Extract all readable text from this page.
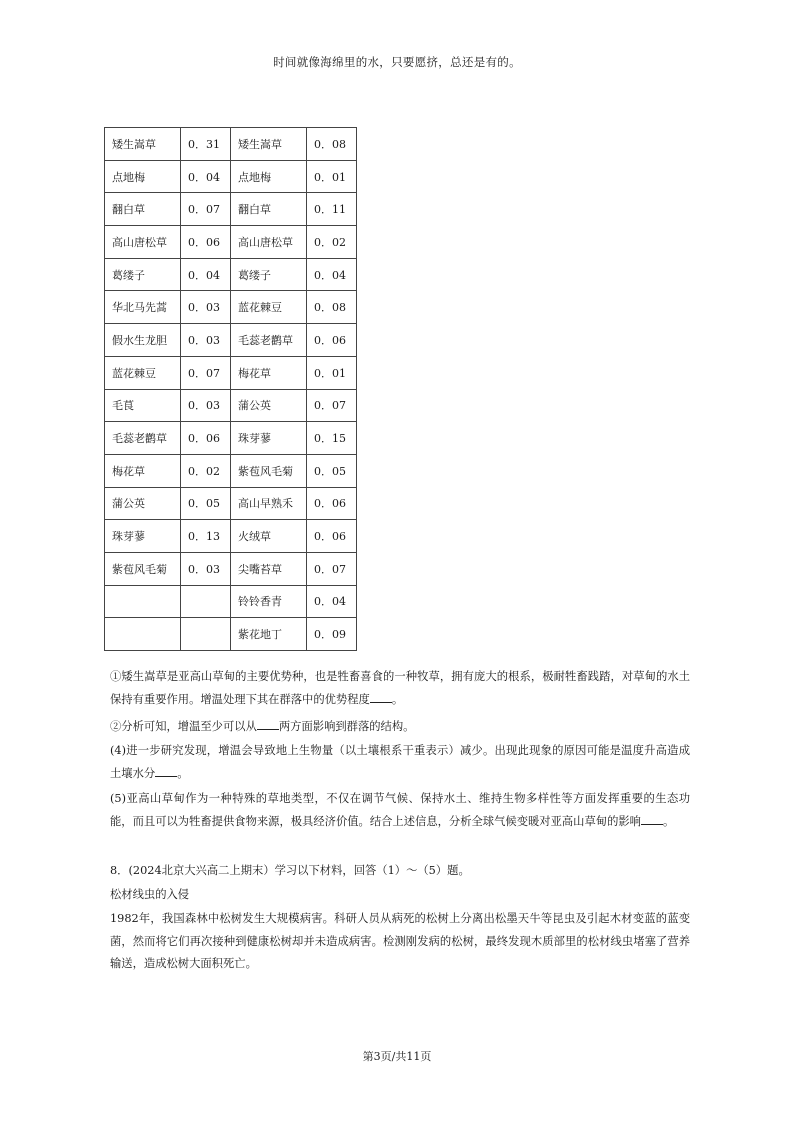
时间就像海绵里的水，只要愿挤，总还是有的。
矮生嵩草	0．31	矮生嵩草	0．08
点地梅	0．04	点地梅	0．01
翻白草	0．07	翻白草	0．11
高山唐松草	0．06	高山唐松草	0．02
葛缕子	0．04	葛缕子	0．04
华北马先蒿	0．03	蓝花棘豆	0．08
假水生龙胆	0．03	毛蕊老鹳草	0．06
蓝花棘豆	0．07	梅花草	0．01
毛茛	0．03	蒲公英	0．07
毛蕊老鹳草	0．06	珠芽蓼	0．15
梅花草	0．02	紫苞风毛菊	0．05
蒲公英	0．05	高山早熟禾	0．06
珠芽蓼	0．13	火绒草	0．06
紫苞风毛菊	0．03	尖嘴苔草	0．07
		铃铃香青	0．04
		紫花地丁	0．09
①矮生嵩草是亚高山草甸的主要优势种，也是牲畜喜食的一种牧草，拥有庞大的根系，极耐牲畜践踏，对草甸的水土保持有重要作用。增温处理下其在群落中的优势程度 。
②分析可知，增温至少可以从 两方面影响到群落的结构。
(4)进一步研究发现，增温会导致地上生物量（以土壤根系干重表示）减少。出现此现象的原因可能是温度升高造成土壤水分 。
(5)亚高山草甸作为一种特殊的草地类型，不仅在调节气候、保持水土、维持生物多样性等方面发挥重要的生态功能，而且可以为牲畜提供食物来源，极具经济价值。结合上述信息，分析全球气候变暖对亚高山草甸的影响 。
8．(2024北京大兴高二上期末）学习以下材料，回答（1）～（5）题。
松材线虫的入侵
1982年，我国森林中松树发生大规模病害。科研人员从病死的松树上分离出松墨天牛等昆虫及引起木材变蓝的蓝变菌，然而将它们再次接种到健康松树却并未造成病害。检测刚发病的松树，最终发现木质部里的松材线虫堵塞了营养输送，造成松树大面积死亡。
第3页/共11页
